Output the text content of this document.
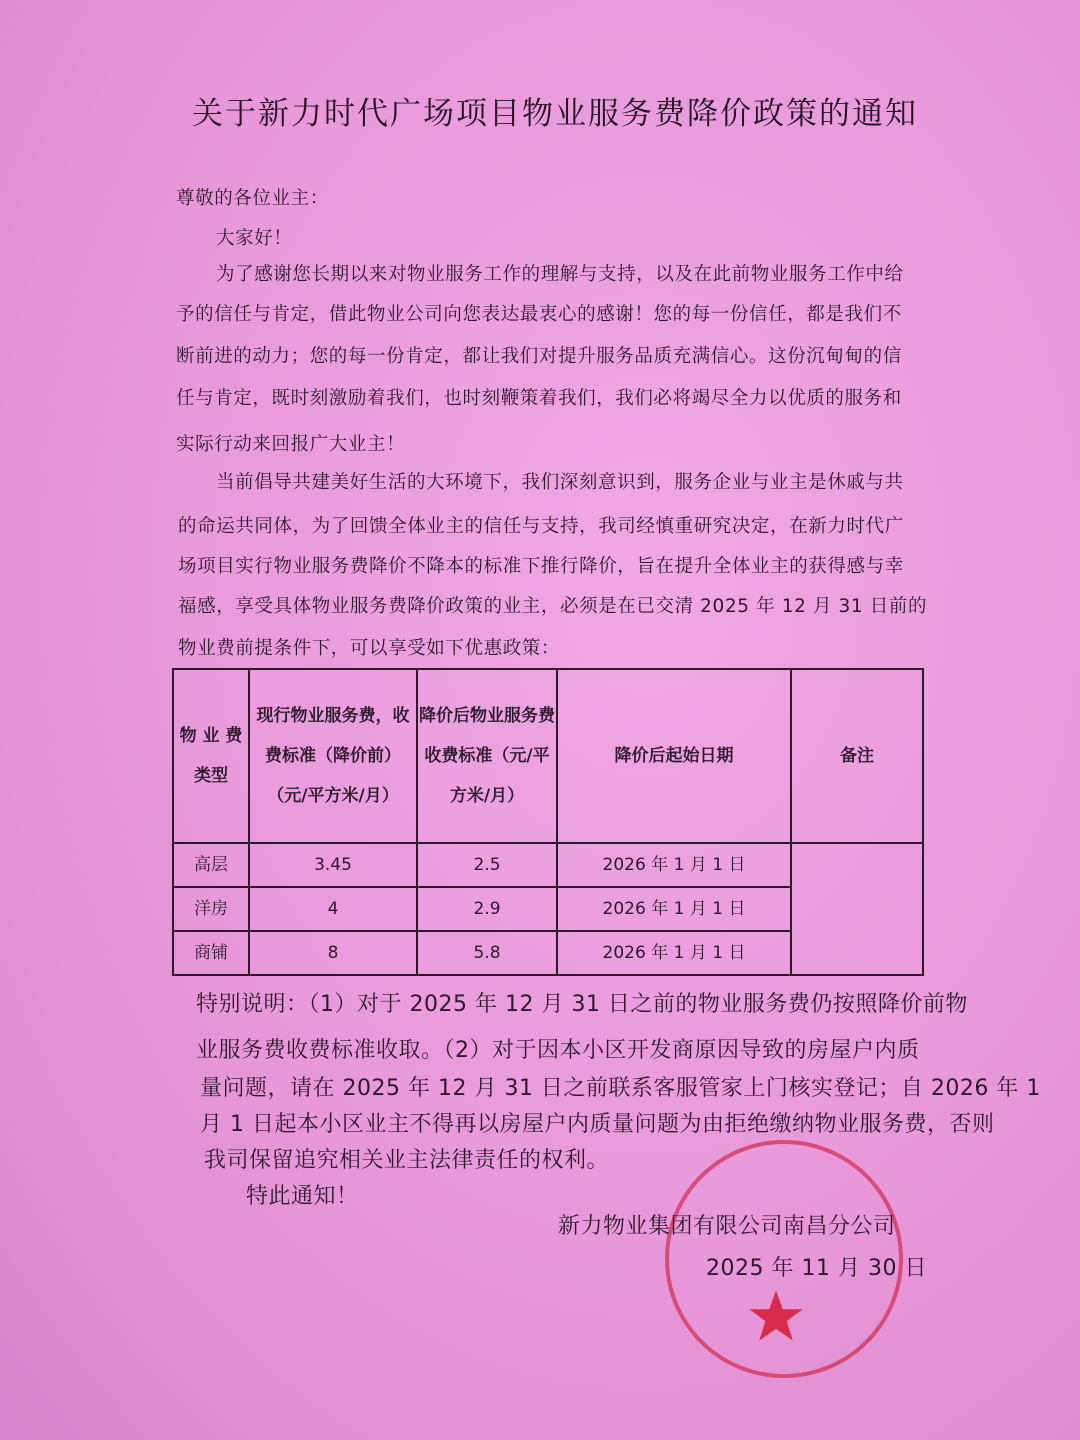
关于新力时代广场项目物业服务费降价政策的通知
尊敬的各位业主：
大家好！
为了感谢您长期以来对物业服务工作的理解与支持，以及在此前物业服务工作中给
予的信任与肯定，借此物业公司向您表达最衷心的感谢！您的每一份信任，都是我们不
断前进的动力；您的每一份肯定，都让我们对提升服务品质充满信心。这份沉甸甸的信
任与肯定，既时刻激励着我们，也时刻鞭策着我们，我们必将竭尽全力以优质的服务和
实际行动来回报广大业主！
当前倡导共建美好生活的大环境下，我们深刻意识到，服务企业与业主是休戚与共
的命运共同体，为了回馈全体业主的信任与支持，我司经慎重研究决定，在新力时代广
场项目实行物业服务费降价不降本的标准下推行降价，旨在提升全体业主的获得感与幸
福感，享受具体物业服务费降价政策的业主，必须是在已交清 2025 年 12 月 31 日前的
物业费前提条件下，可以享受如下优惠政策：
物 业 费 类型	现行物业服务费，收费标准（降价前）（元/平方米/月）	降价后物业服务费收费标准（元/平方米/月）	降价后起始日期	备注
高层	3.45	2.5	2026 年 1 月 1 日	
洋房	4	2.9	2026 年 1 月 1 日	
商铺	8	5.8	2026 年 1 月 1 日	
特别说明：（1）对于 2025 年 12 月 31 日之前的物业服务费仍按照降价前物
业服务费收费标准收取。（2）对于因本小区开发商原因导致的房屋户内质
量问题，请在 2025 年 12 月 31 日之前联系客服管家上门核实登记；自 2026 年 1
月 1 日起本小区业主不得再以房屋户内质量问题为由拒绝缴纳物业服务费，否则
我司保留追究相关业主法律责任的权利。
特此通知！
新力物业集团有限公司南昌分公司
2025 年 11 月 30 日
